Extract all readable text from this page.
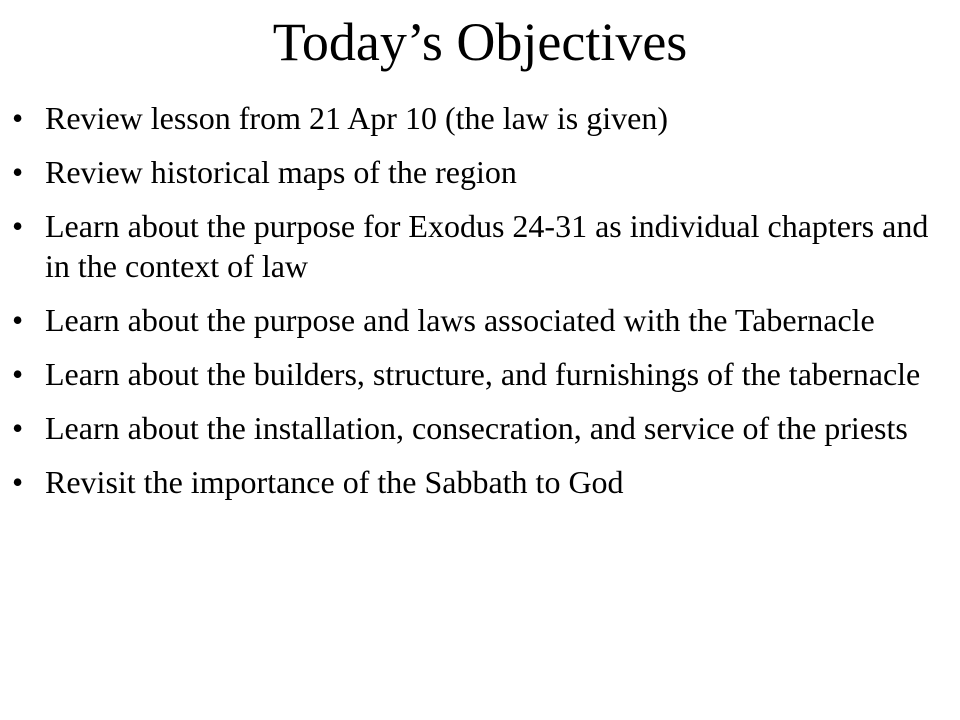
Today’s Objectives
• Review lesson from 21 Apr 10 (the law is given)
• Review historical maps of the region
• Learn about the purpose for Exodus 24-31 as individual chapters and in the context of law
• Learn about the purpose and laws associated with the Tabernacle
• Learn about the builders, structure, and furnishings of the tabernacle
• Learn about the installation, consecration, and service of the priests
• Revisit the importance of the Sabbath to God
